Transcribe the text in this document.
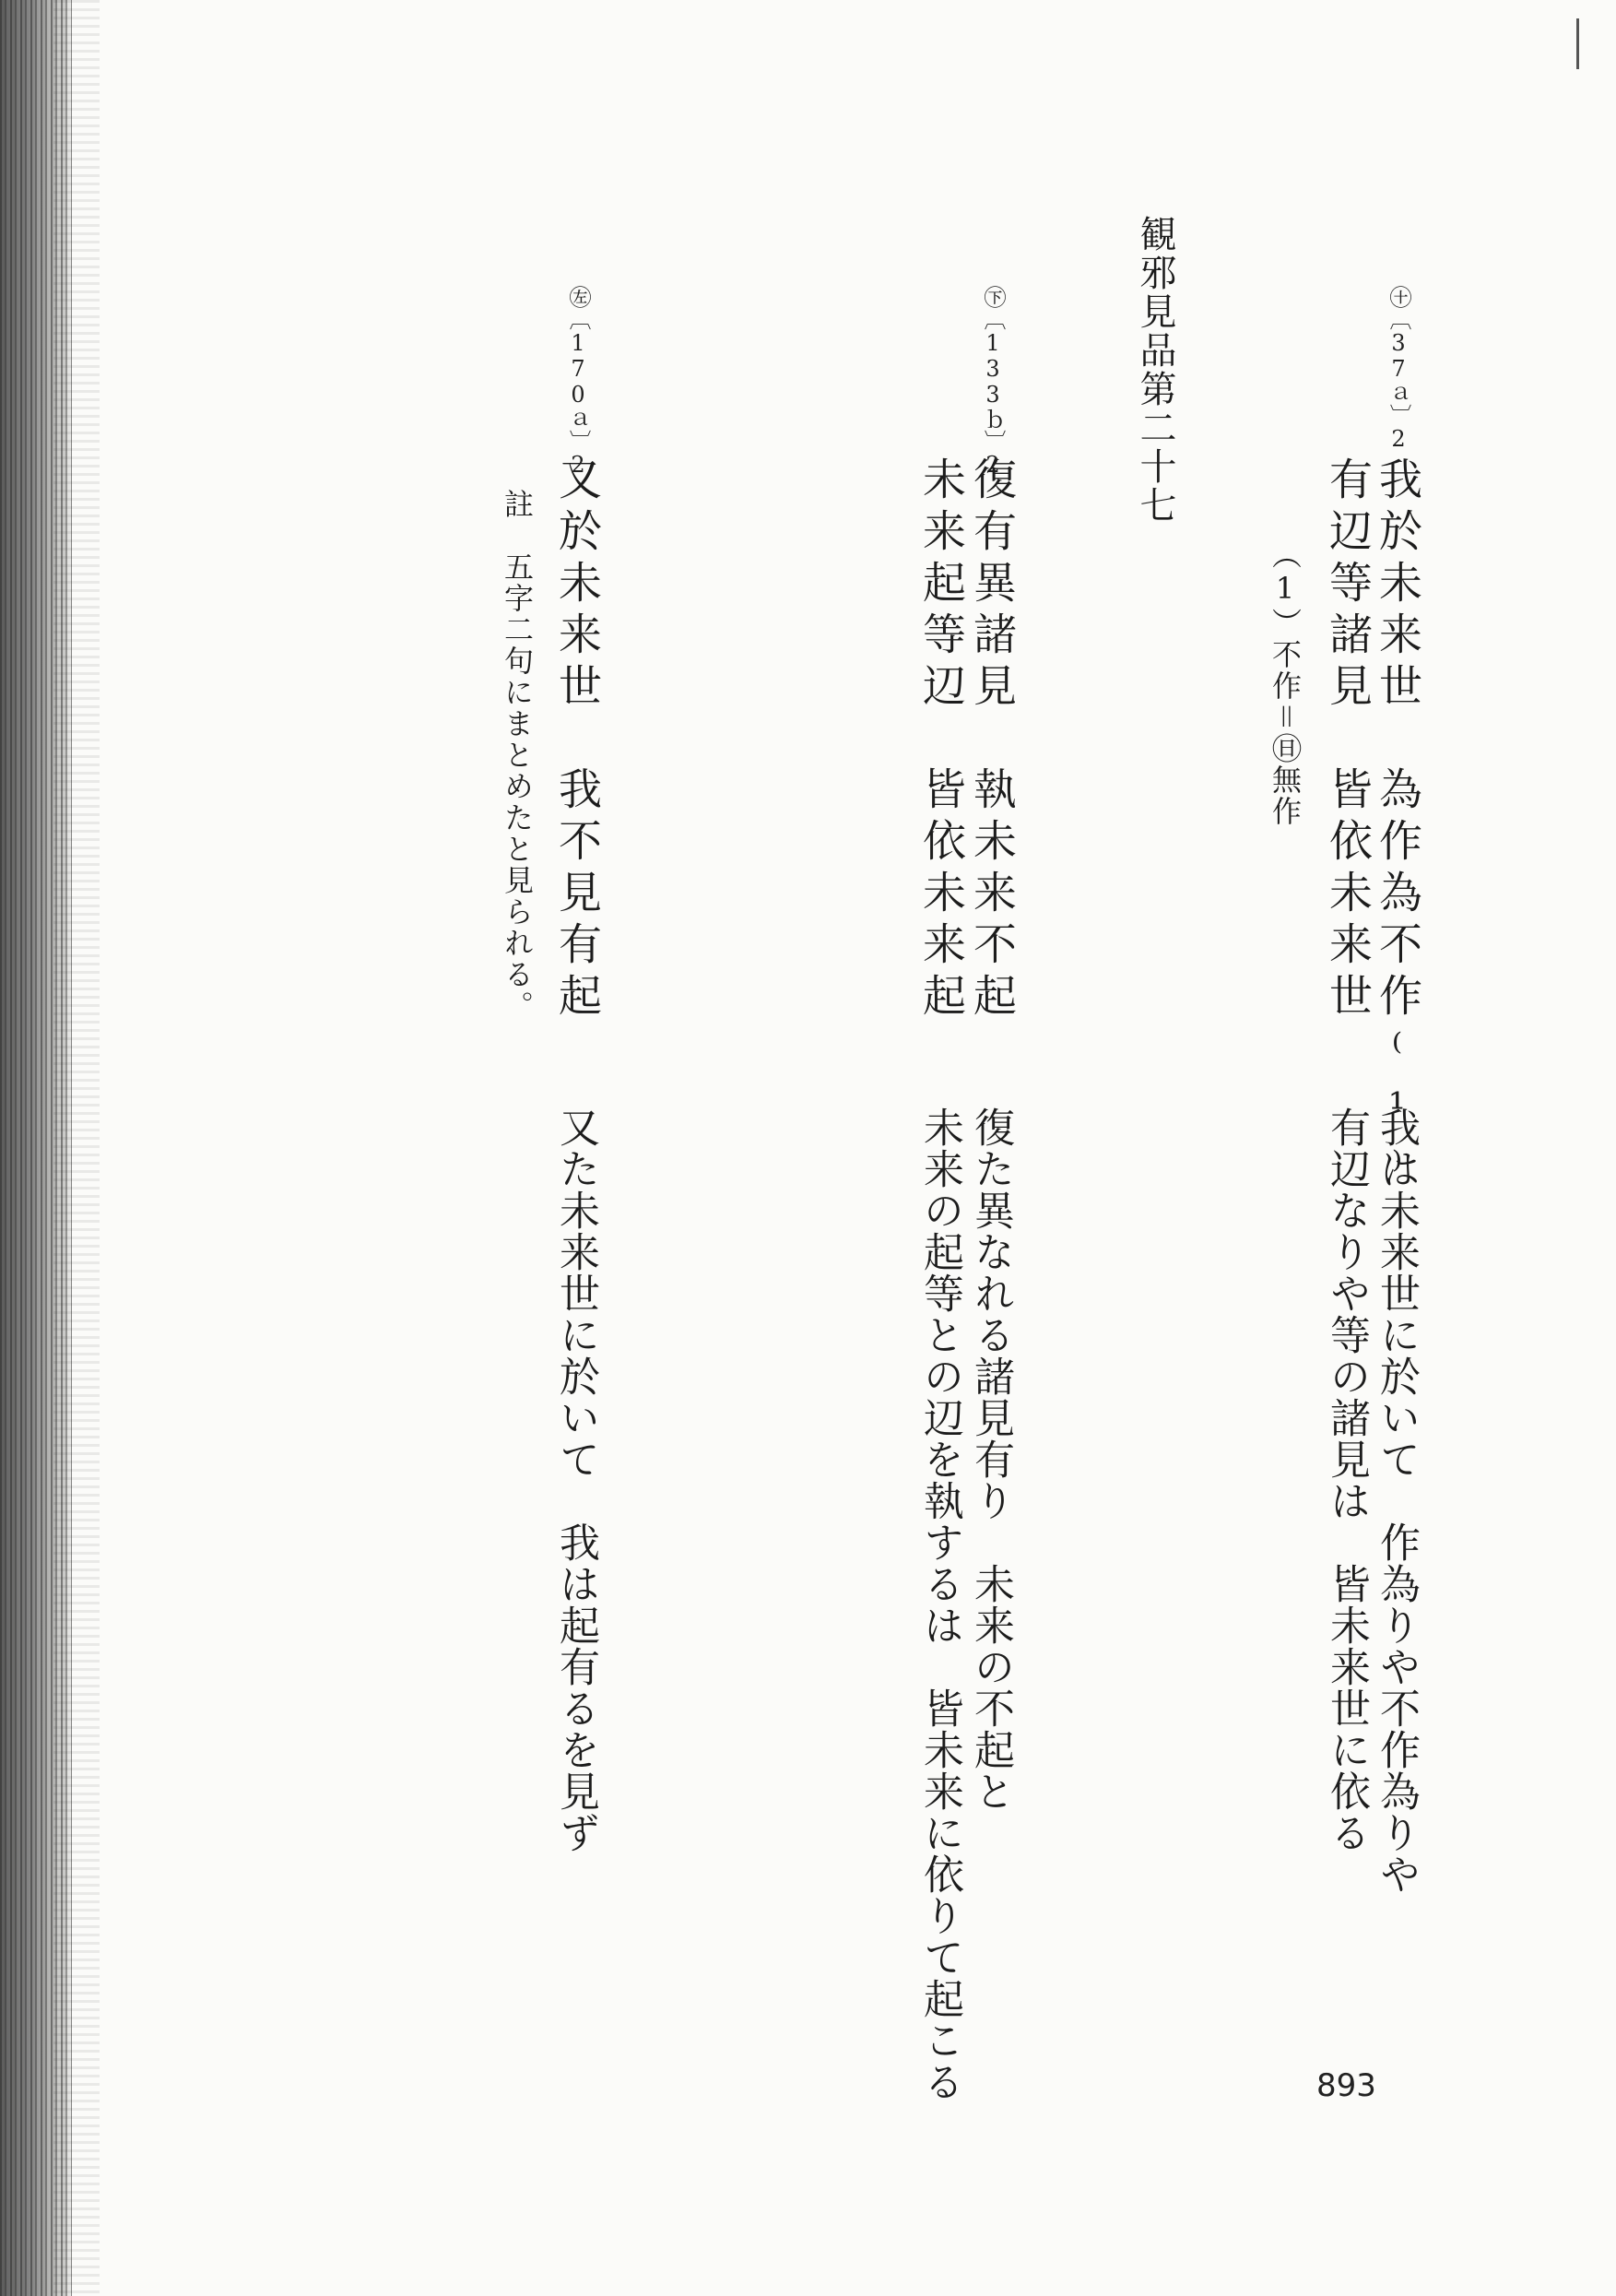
観邪見品第二十七	㊉〔37ａ〕2
我於未来世　為作為不作⁽¹⁾
有辺等諸見　皆依未来世
（1）不作＝㊐無作
我は未来世に於いて　作為りや不作為りや
有辺なりや等の諸見は　皆未来世に依る
㊦〔133ｂ〕2
復有異諸見　執未来不起
未来起等辺　皆依未来起
復た異なれる諸見有り　未来の不起と
未来の起等との辺を執するは　皆未来に依りて起こる
㊧〔170ａ〕2
又於未来世　我不見有起
註　五字二句にまとめたと見られる。
又た未来世に於いて　我は起有るを見ず
893
